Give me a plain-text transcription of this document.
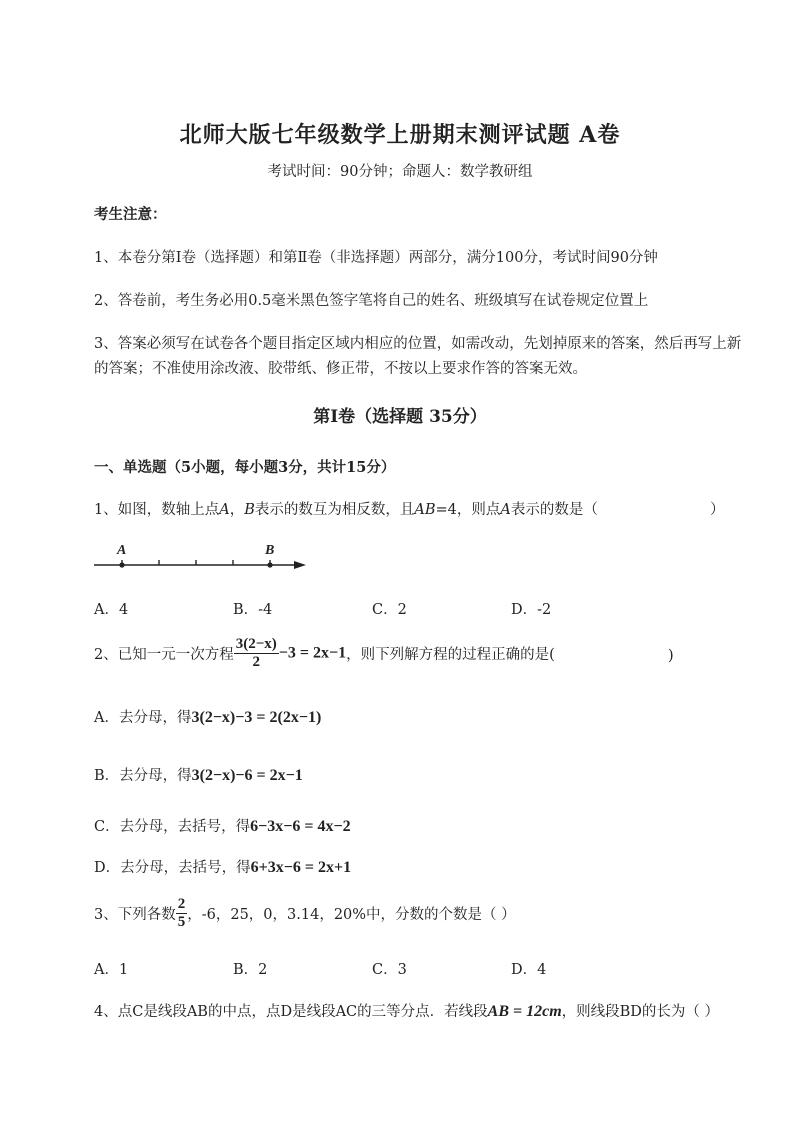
北师大版七年级数学上册期末测评试题 A卷
考试时间：90分钟；命题人：数学教研组
考生注意：
1、本卷分第Ⅰ卷（选择题）和第Ⅱ卷（非选择题）两部分，满分100分，考试时间90分钟
2、答卷前，考生务必用0.5毫米黑色签字笔将自己的姓名、班级填写在试卷规定位置上
3、答案必须写在试卷各个题目指定区域内相应的位置，如需改动，先划掉原来的答案，然后再写上新
的答案；不准使用涂改液、胶带纸、修正带，不按以上要求作答的答案无效。
第Ⅰ卷（选择题 35分）
一、单选题（5小题，每小题3分，共计15分）
1、如图，数轴上点A，B表示的数互为相反数，且AB=4，则点A表示的数是（	）
A	B
A．4	B．-4	C．2	D．-2
2、已知一元一次方程 $\frac{3(2-x)}{2} -3 = 2x-1$，则下列解方程的过程正确的是(	)
A．去分母，得3(2−x)−3 = 2(2x−1)
B．去分母，得3(2−x)−6 = 2x−1
C．去分母，去括号，得6−3x−6 = 4x−2
D．去分母，去括号，得6+3x−6 = 2x+1
3、下列各数 $\frac{2}{5}$ ，-6，25，0，3.14，20%中，分数的个数是（ ）
A．1	B．2	C．3	D．4
4、点C是线段AB的中点，点D是线段AC的三等分点．若线段AB = 12cm，则线段BD的长为（ ）
